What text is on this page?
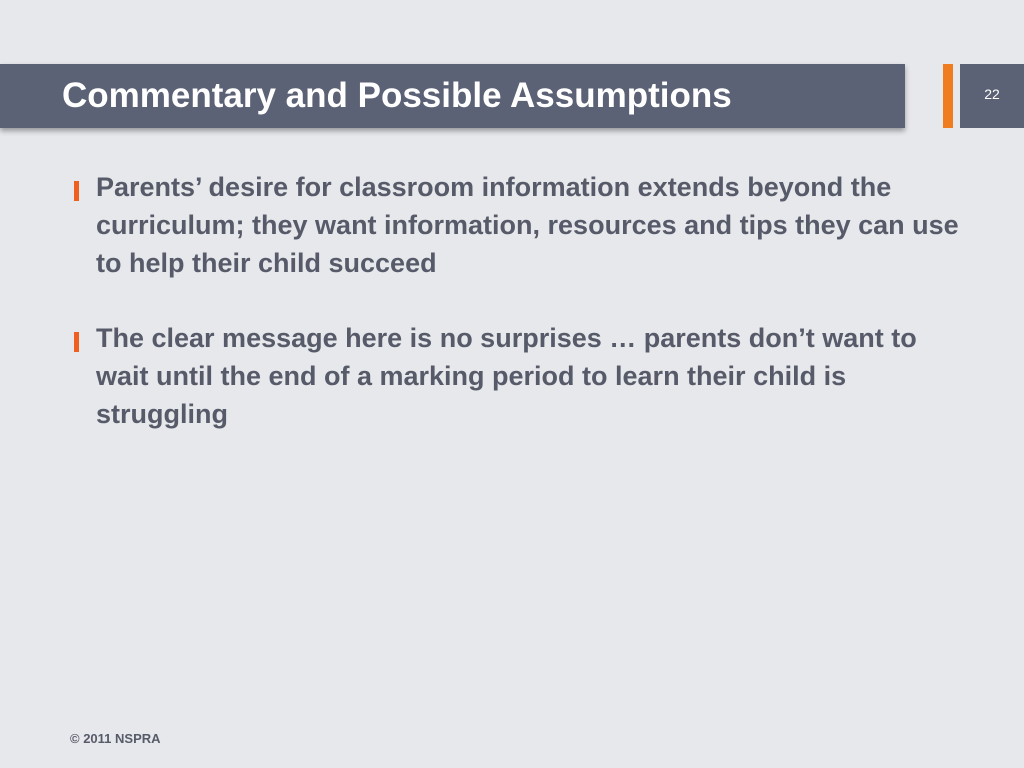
Commentary and Possible Assumptions	22
Parents’ desire for classroom information extends beyond the curriculum; they want information, resources and tips they can use to help their child succeed
The clear message here is no surprises … parents don’t want to wait until the end of a marking period to learn their child is struggling
© 2011 NSPRA
